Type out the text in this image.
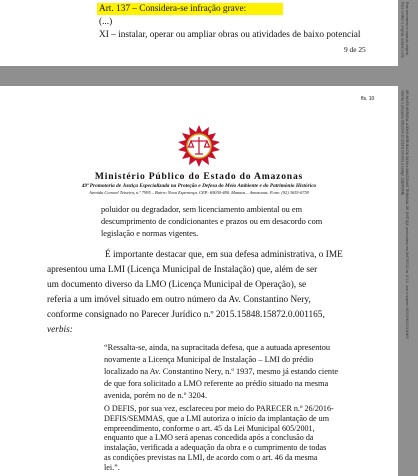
Art. 137 – Considera-se infração grave:
(...)
XI – instalar, operar ou ampliar obras ou atividades de baixo potencial
9 de 25	Este documento é cópia do original,
Para conferir o original, acesse o site
fls. 10
Ministério Público do Estado do Amazonas
49ª Promotoria de Justiça Especializada na Proteção e Defesa do Meio Ambiente e do Patrimônio Histórico
Avenida Coronel Teixeira, n.º 7995 – Bairro Nova Esperança. CEP: 69030-480. Manaus – Amazonas. Fone: (92) 3655-0759
poluidor ou degradador, sem licenciamento ambiental ou em
descumprimento de condicionantes e prazos ou em desacordo com
legislação e normas vigentes.
É importante destacar que, em sua defesa administrativa, o IME
apresentou uma LMI (Licença Municipal de Instalação) que, além de ser
um documento diverso da LMO (Licença Municipal de Operação), se
referia a um imóvel situado em outro número da Av. Constantino Nery,
conforme consignado no Parecer Jurídico n.º 2015.15848.15872.0.001165,
verbis:
“Ressalta-se, ainda, na supracitada defesa, que a autuada apresentou
novamente a Licença Municipal de Instalação – LMI do prédio
localizado na Av. Constantino Nery, n.º 1937, mesmo já estando ciente
de que fora solicitado a LMO referente ao prédio situado na mesma
avenida, porém no de n.º 3204.
O DEFIS, por sua vez, esclareceu por meio do PARECER n.º 26/2016-
DEFIS/SEMMAS, que a LMI autoriza o início da implantação de um
empreendimento, conforme o art. 45 da Lei Municipal 605/2001,
enquanto que a LMO será apenas concedida após a conclusão da
instalação, verificada a adequação da obra e o cumprimento de todas
as condições previstas na LMI, de acordo com o art. 46 da mesma
lei.”.
AR ALVES ARRUDA, AJOHN ARRUDA DA SILVA e AMAZONAS TRIBUNAL DE JUSTIÇA, protocolado em 26/07/2022 às 10:13 , sob o número 06210092020180400
informe o processo 0621009-20.2018.8.04.0001 e código 11B2FC64E
